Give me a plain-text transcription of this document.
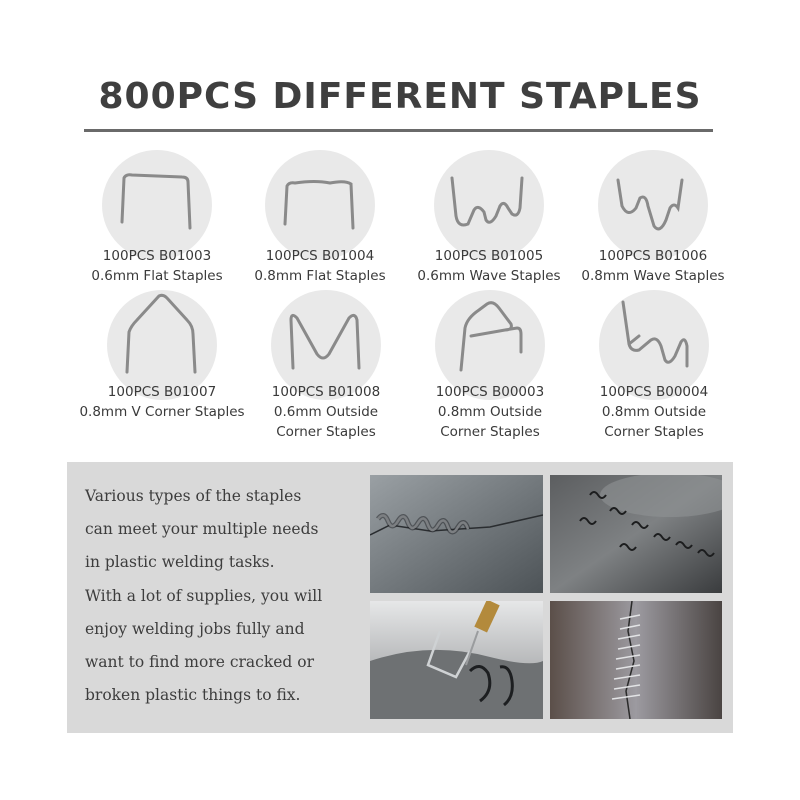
800PCS DIFFERENT STAPLES
100PCS B01003
0.6mm Flat Staples
100PCS B01004
0.8mm Flat Staples
100PCS B01005
0.6mm Wave Staples
100PCS B01006
0.8mm Wave Staples
100PCS B01007
0.8mm V Corner Staples
100PCS B01008
0.6mm Outside
Corner Staples
100PCS B00003
0.8mm Outside
Corner Staples
100PCS B00004
0.8mm Outside
Corner Staples

Various types of the staples

can meet your multiple needs

in plastic welding tasks.

With a lot of supplies, you will

enjoy welding jobs fully and

want to find more cracked or

broken plastic things to fix.
